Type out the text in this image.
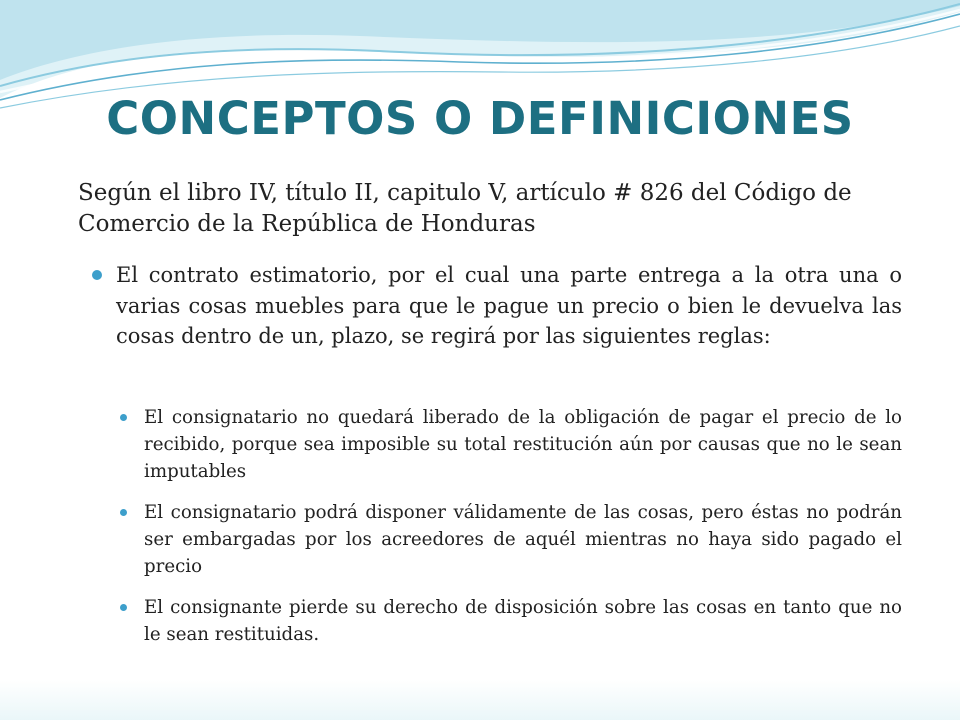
CONCEPTOS O DEFINICIONES

Según el libro IV, título II, capitulo V, artículo # 826 del Código de Comercio de la República de Honduras

El contrato estimatorio, por el cual una parte entrega a la otra una o varias cosas muebles para que le pague un precio o bien le devuelva las cosas dentro de un, plazo, se regirá por las siguientes reglas:
El consignatario no quedará liberado de la obligación de pagar el precio de lo recibido, porque sea imposible su total restitución aún por causas que no le sean imputables
El consignatario podrá disponer válidamente de las cosas, pero éstas no podrán ser embargadas por los acreedores de aquél mientras no haya sido pagado el precio
El consignante pierde su derecho de disposición sobre las cosas en tanto que no le sean restituidas.
